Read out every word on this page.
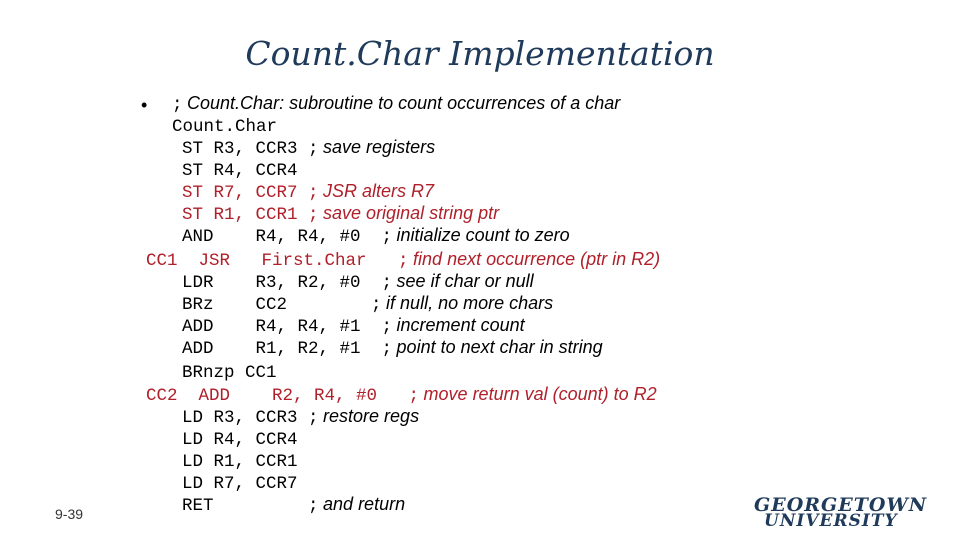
Count.Char Implementation
• ; Count.Char: subroutine to count occurrences of a char
Count.Char
ST R3, CCR3 ; save registers
ST R4, CCR4
ST R7, CCR7 ; JSR alters R7
ST R1, CCR1 ; save original string ptr
AND    R4, R4, #0  ; initialize count to zero
CC1  JSR   First.Char   ; find next occurrence (ptr in R2)
LDR    R3, R2, #0  ; see if char or null
BRz    CC2        ; if null, no more chars
ADD    R4, R4, #1  ; increment count
ADD    R1, R2, #1  ; point to next char in string
BRnzp CC1
CC2  ADD    R2, R4, #0   ; move return val (count) to R2
LD R3, CCR3 ; restore regs
LD R4, CCR4
LD R1, CCR1
LD R7, CCR7
RET         ; and return
9-39	GEORGETOWN
UNIVERSITY
